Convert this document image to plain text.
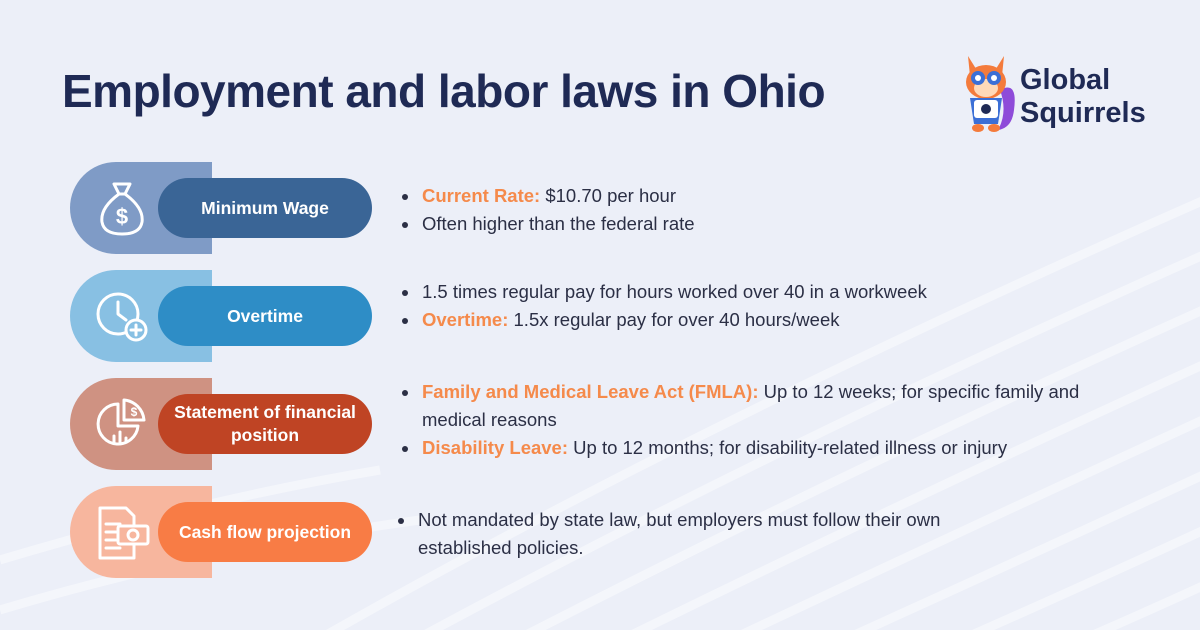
Employment and labor laws in Ohio	Global
Squirrels
$	Minimum Wage
Current Rate: $10.70 per hour
Often higher than the federal rate
Overtime
1.5 times regular pay for hours worked over 40 in a workweek
Overtime: 1.5x regular pay for over 40 hours/week
$	Statement of financial position
Family and Medical Leave Act (FMLA): Up to 12 weeks; for specific family and medical reasons
Disability Leave: Up to 12 months; for disability-related illness or injury
Cash flow projection
Not mandated by state law, but employers must follow their own established policies.
